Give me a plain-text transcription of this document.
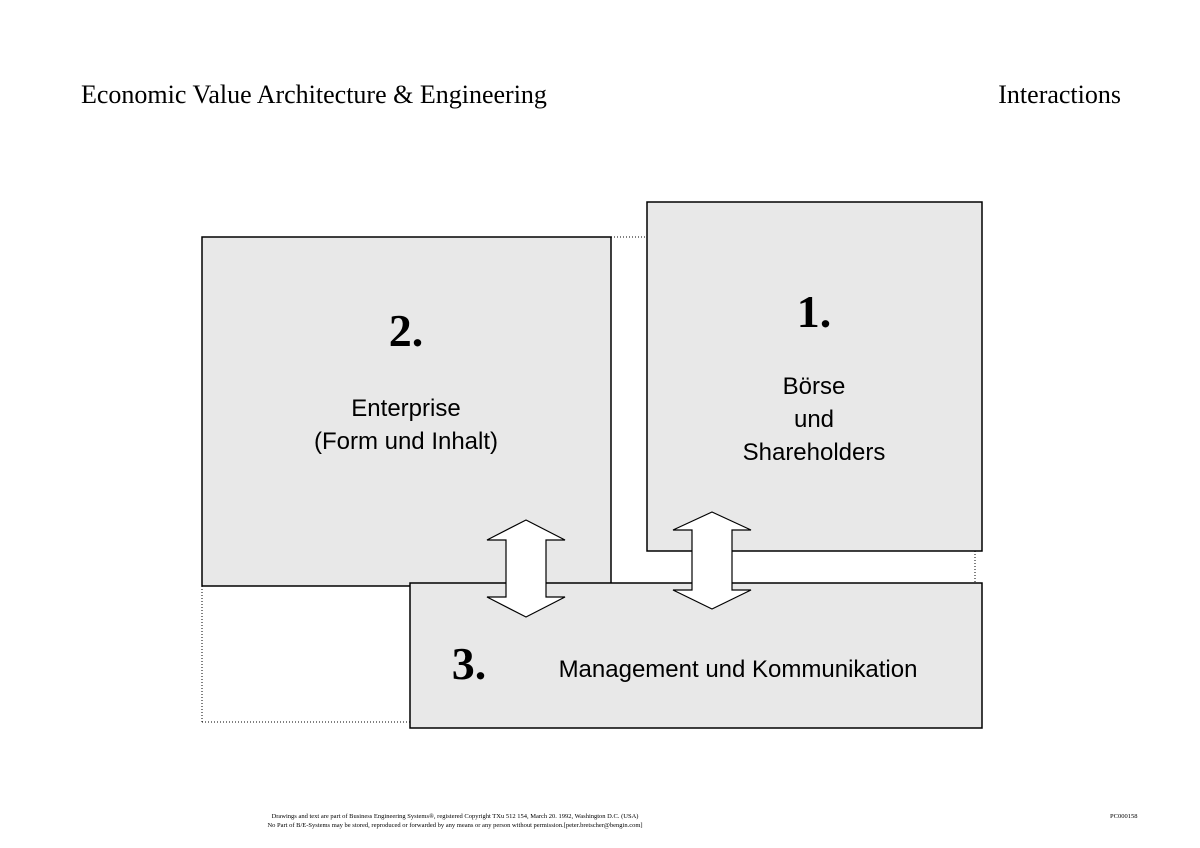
Economic Value Architecture & Engineering	Interactions
2.
Enterprise
(Form und Inhalt)
1.
Börse
und
Shareholders
3.	Management und Kommunikation
Drawings and text are part of Business Engineering Systems®, registered Copyright TXu 512 154, March 20. 1992, Washington D.C. (USA)
No Part of B/E-Systems may be stored, reproduced or forwarded by any means or any person without permission.[peter.bretscher@bengin.com]
PC000158
